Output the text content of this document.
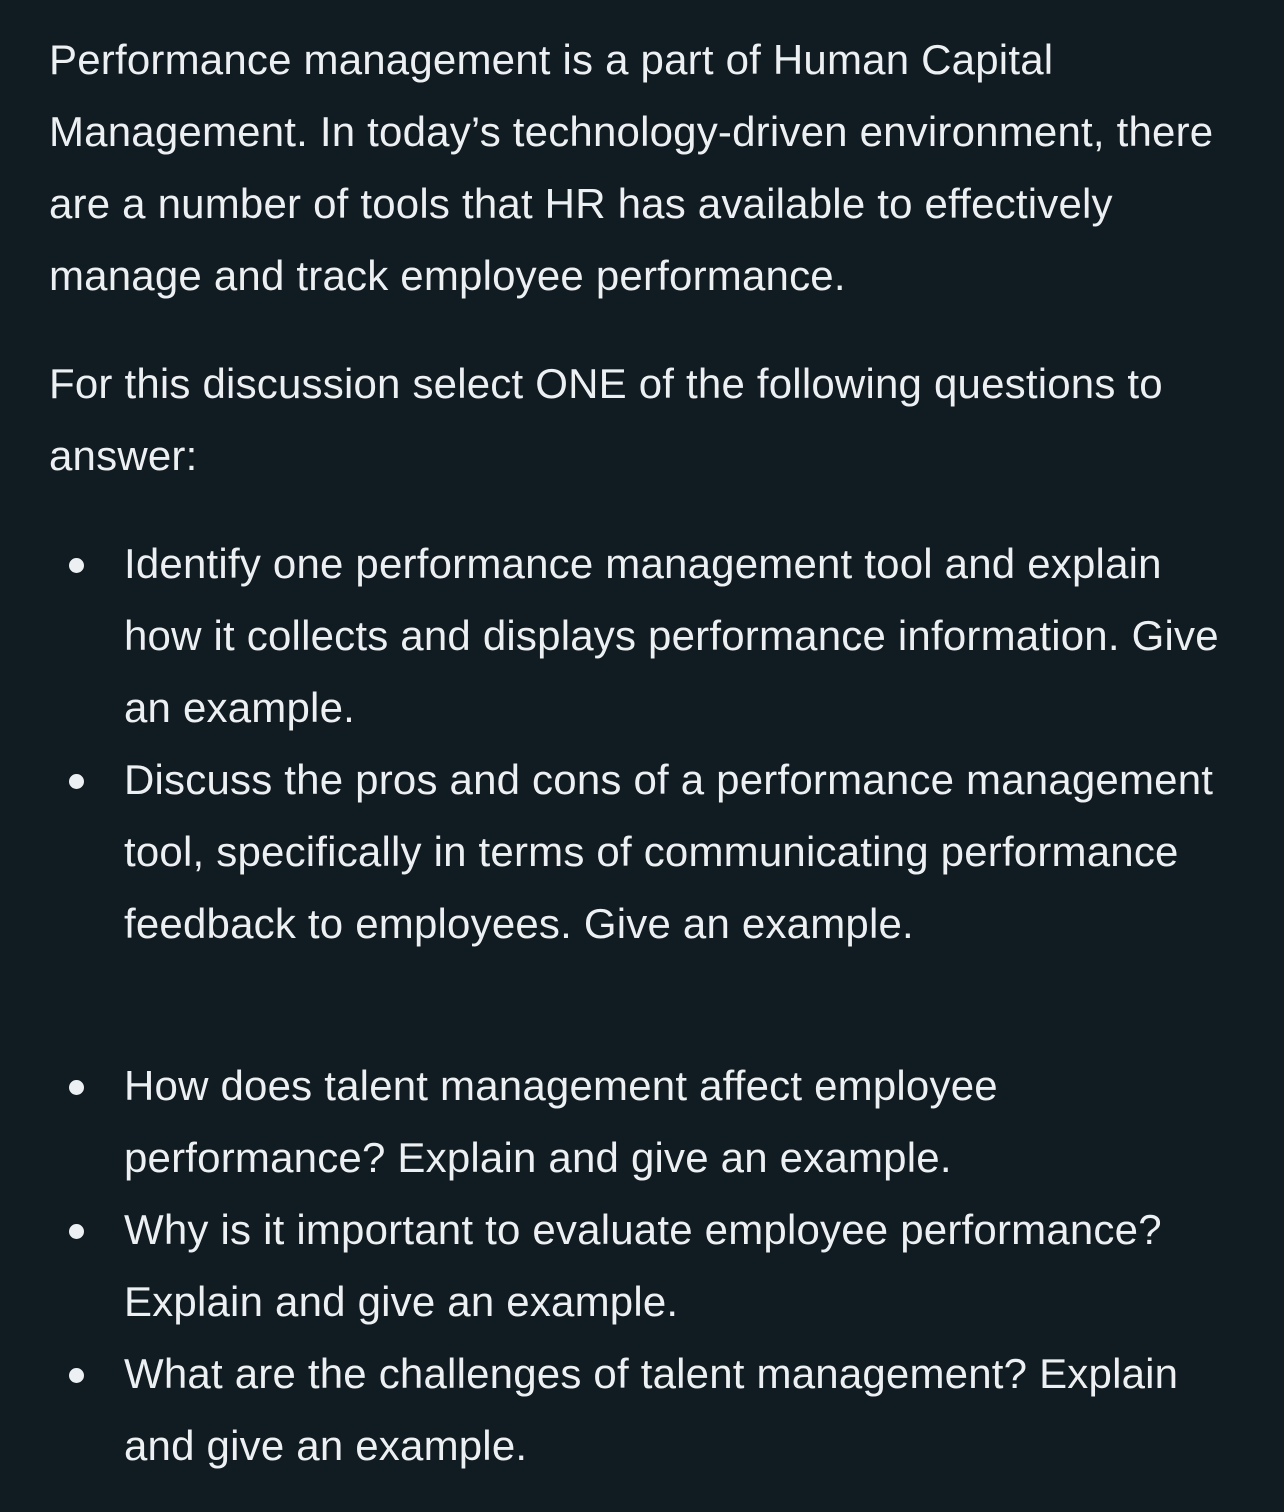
Performance management is a part of Human Capital Management. In today’s technology-driven environment, there are a number of tools that HR has available to effectively manage and track employee performance.

For this discussion select ONE of the following questions to answer:

Identify one performance management tool and explain how it collects and displays performance information. Give an example.
Discuss the pros and cons of a performance management tool, specifically in terms of communicating performance feedback to employees. Give an example.
How does talent management affect employee performance? Explain and give an example.
Why is it important to evaluate employee performance? Explain and give an example.
What are the challenges of talent management? Explain and give an example.
